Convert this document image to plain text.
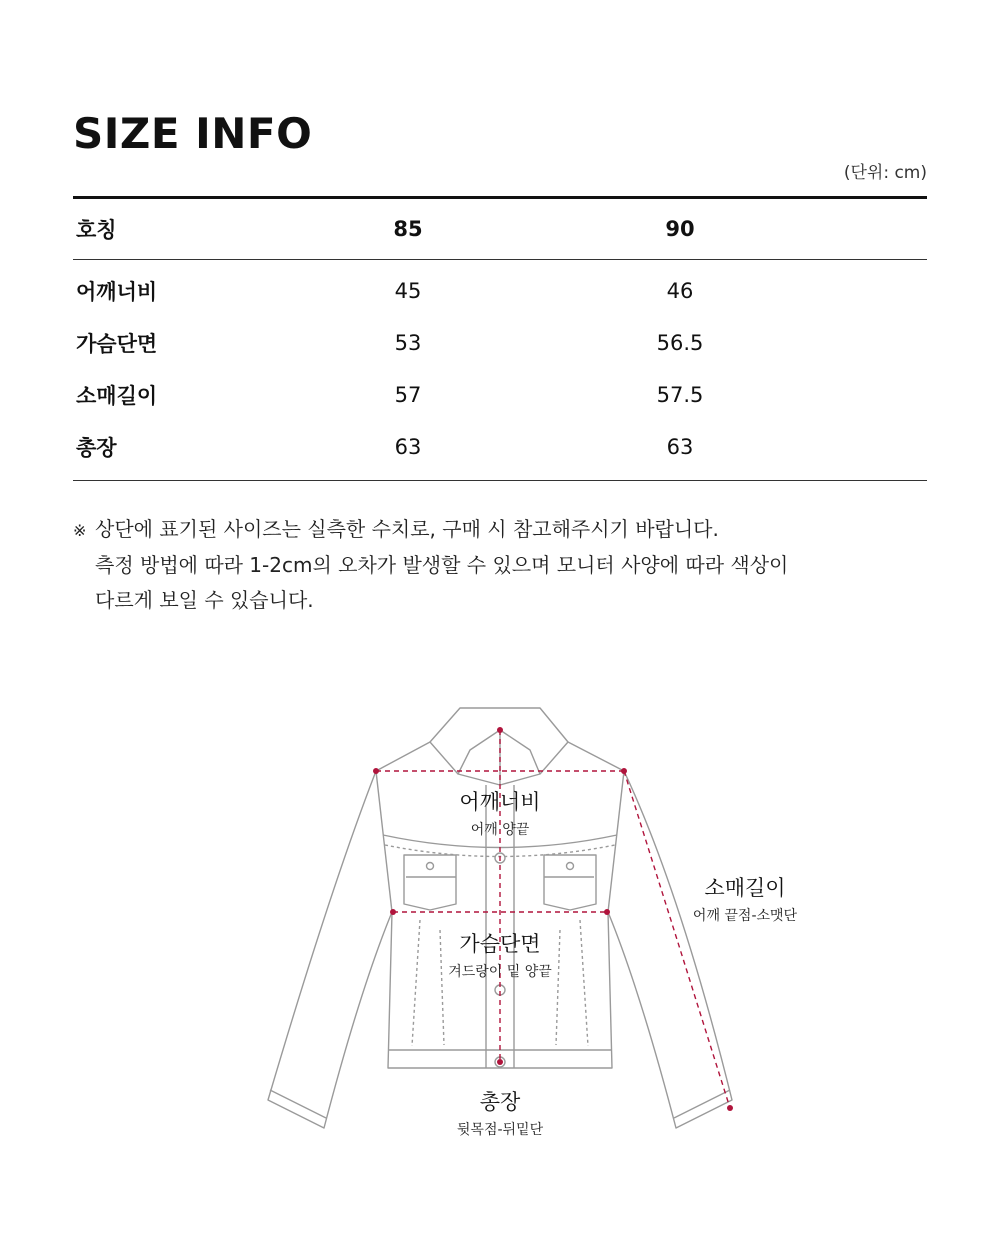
SIZE INFO
(단위: cm)
호칭	85	90
어깨너비	45	46
가슴단면	53	56.5
소매길이	57	57.5
총장	63	63
※ 상단에 표기된 사이즈는 실측한 수치로, 구매 시 참고해주시기 바랍니다.
측정 방법에 따라 1-2cm의 오차가 발생할 수 있으며 모니터 사양에 따라 색상이
다르게 보일 수 있습니다.
어깨너비
어깨 양끝
가슴단면
겨드랑이 밑 양끝
소매길이
어깨 끝점-소맷단
총장
뒷목점-뒤밑단
